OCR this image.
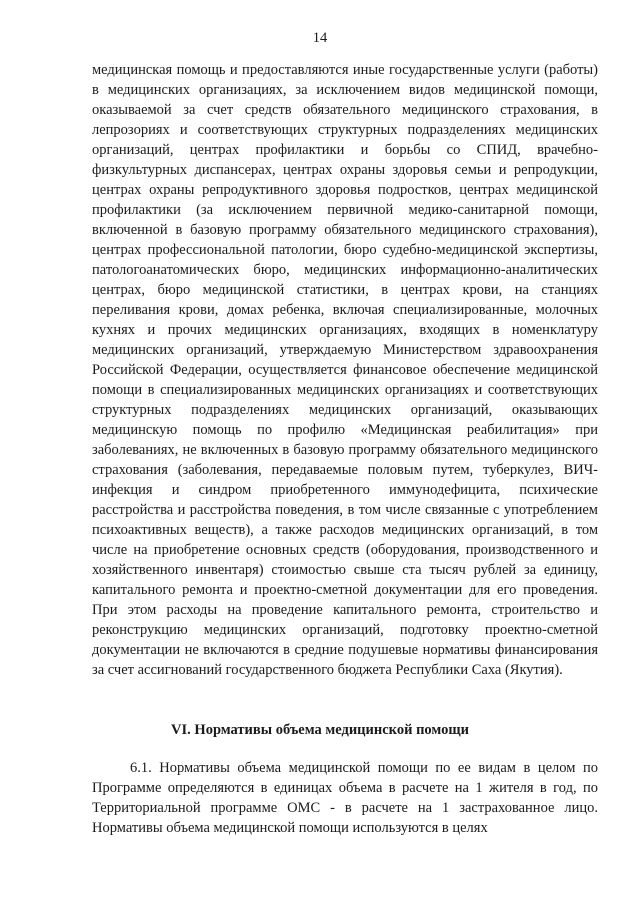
14

медицинская помощь и предоставляются иные государственные услуги (работы) в медицинских организациях, за исключением видов медицинской помощи, оказываемой за счет средств обязательного медицинского страхования, в лепрозориях и соответствующих структурных подразделениях медицинских организаций, центрах профилактики и борьбы со СПИД, врачебно-физкультурных диспансерах, центрах охраны здоровья семьи и репродукции, центрах охраны репродуктивного здоровья подростков, центрах медицинской профилактики (за исключением первичной медико-санитарной помощи, включенной в базовую программу обязательного медицинского страхования), центрах профессиональной патологии, бюро судебно-медицинской экспертизы, патологоанатомических бюро, медицинских информационно-аналитических центрах, бюро медицинской статистики, в центрах крови, на станциях переливания крови, домах ребенка, включая специализированные, молочных кухнях и прочих медицинских организациях, входящих в номенклатуру медицинских организаций, утверждаемую Министерством здравоохранения Российской Федерации, осуществляется финансовое обеспечение медицинской помощи в специализированных медицинских организациях и соответствующих структурных подразделениях медицинских организаций, оказывающих медицинскую помощь по профилю «Медицинская реабилитация» при заболеваниях, не включенных в базовую программу обязательного медицинского страхования (заболевания, передаваемые половым путем, туберкулез, ВИЧ-инфекция и синдром приобретенного иммунодефицита, психические расстройства и расстройства поведения, в том числе связанные с употреблением психоактивных веществ), а также расходов медицинских организаций, в том числе на приобретение основных средств (оборудования, производственного и хозяйственного инвентаря) стоимостью свыше ста тысяч рублей за единицу, капитального ремонта и проектно-сметной документации для его проведения. При этом расходы на проведение капитального ремонта, строительство и реконструкцию медицинских организаций, подготовку проектно-сметной документации не включаются в средние подушевые нормативы финансирования за счет ассигнований государственного бюджета Республики Саха (Якутия).

VI. Нормативы объема медицинской помощи

6.1. Нормативы объема медицинской помощи по ее видам в целом по Программе определяются в единицах объема в расчете на 1 жителя в год, по Территориальной программе ОМС - в расчете на 1 застрахованное лицо. Нормативы объема медицинской помощи используются в целях
